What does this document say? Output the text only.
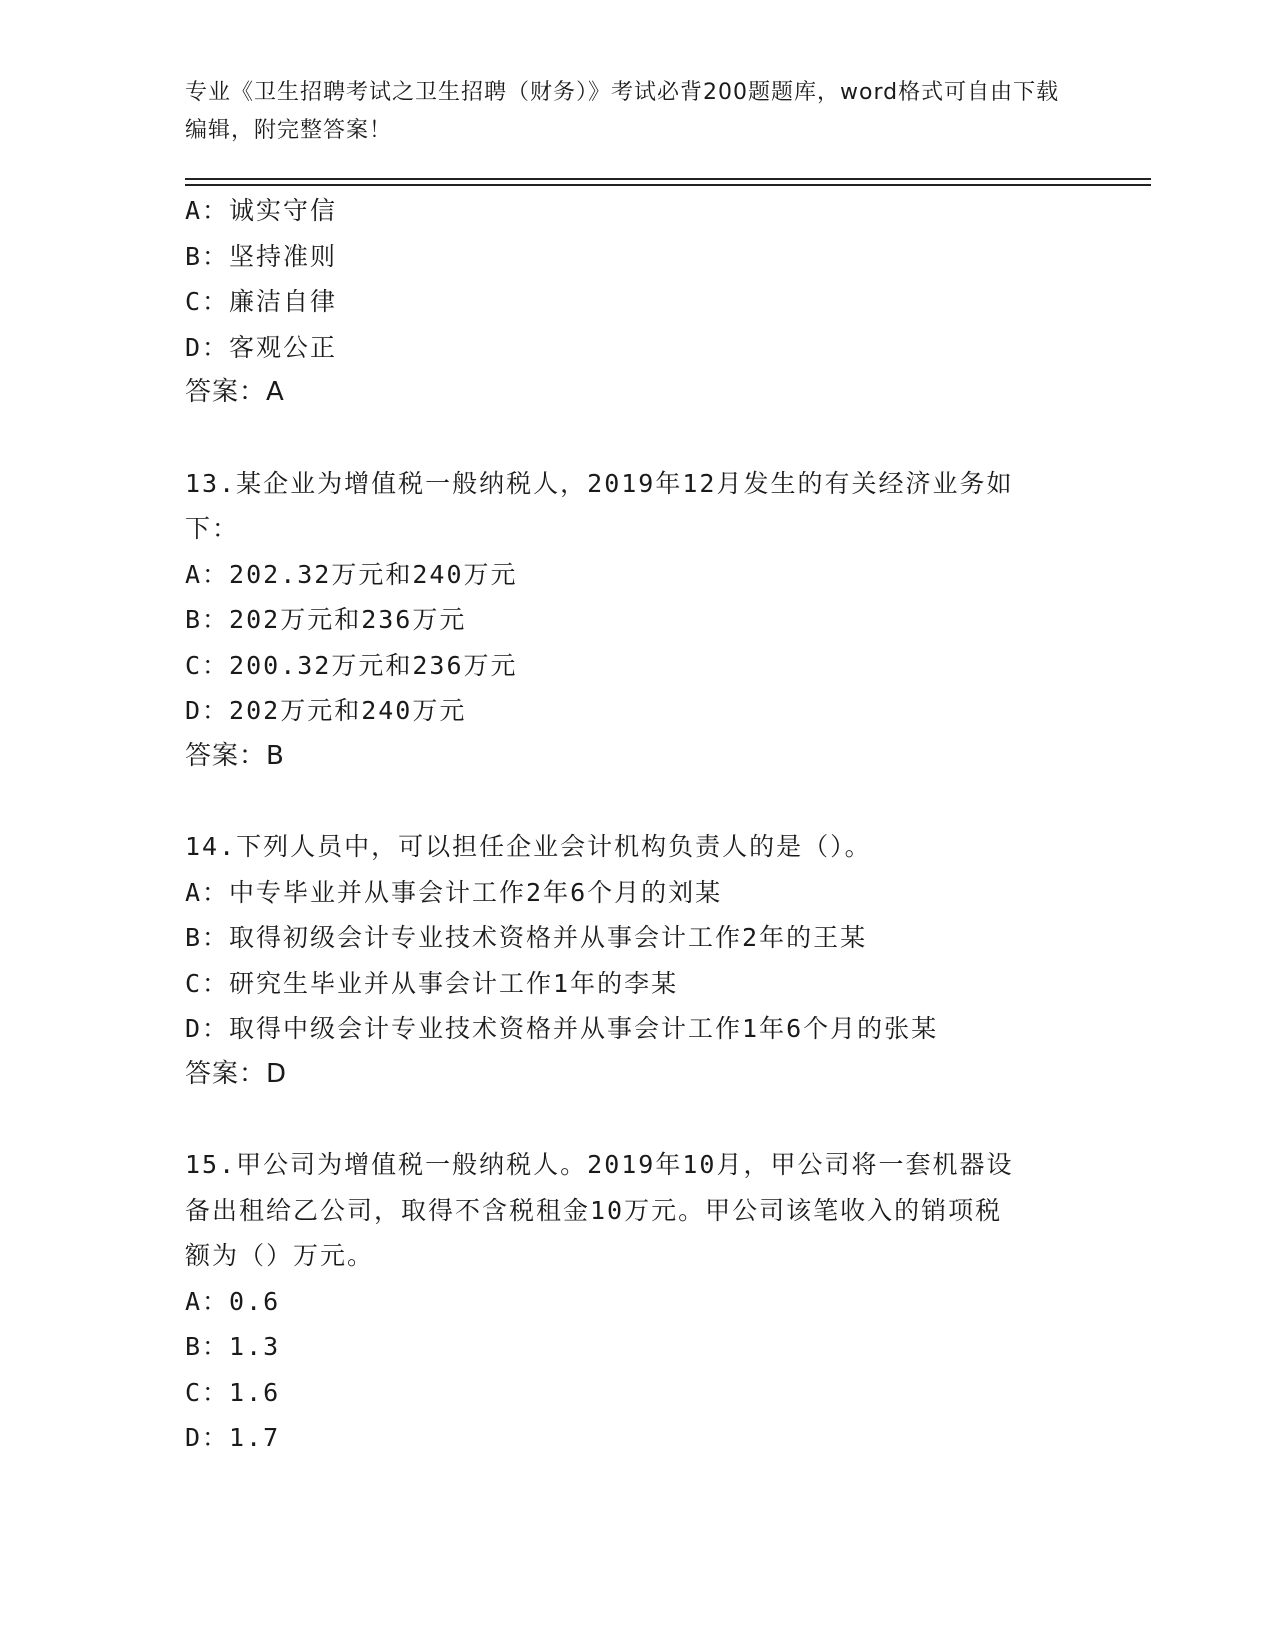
专业《卫生招聘考试之卫生招聘（财务）》考试必背200题题库，word格式可自由下载编辑，附完整答案！

A：诚实守信

B：坚持准则

C：廉洁自律

D：客观公正

答案：A

13.某企业为增值税一般纳税人，2019年12月发生的有关经济业务如

下：

A：202.32万元和240万元

B：202万元和236万元

C：200.32万元和236万元

D：202万元和240万元

答案：B

14.下列人员中，可以担任企业会计机构负责人的是（）。

A：中专毕业并从事会计工作2年6个月的刘某

B：取得初级会计专业技术资格并从事会计工作2年的王某

C：研究生毕业并从事会计工作1年的李某

D：取得中级会计专业技术资格并从事会计工作1年6个月的张某

答案：D

15.甲公司为增值税一般纳税人。2019年10月，甲公司将一套机器设

备出租给乙公司，取得不含税租金10万元。甲公司该笔收入的销项税

额为（）万元。

A：0.6

B：1.3

C：1.6

D：1.7
